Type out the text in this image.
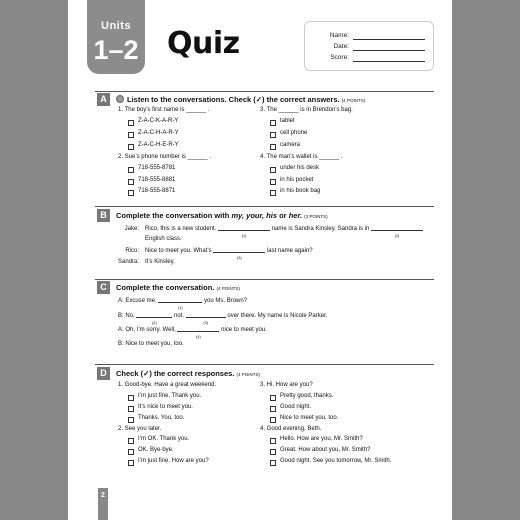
Units
1–2 Quiz	Name:
Date:
Score:
A	Listen to the conversations. Check (✓) the correct answers. (4 POINTS)
1. The boy’s first name is ______ .
Z-A-C-K-A-R-Y
Z-A-C-H-A-R-Y
Z-A-C-H-E-R-Y
2. Sue’s phone number is ______ .
718-555-8781
718-555-8881
718-555-8871
3. The ______ is in Brendon’s bag.
tablet
cell phone
camera
4. The man’s wallet is ______ .
under his desk
in his pocket
in his book bag
B	Complete the conversation with my, your, his or her. (3 POINTS)
Jake: Rico, this is a new student.
(1)
name is Sandra Kinsley. Sandra is in
(2)
English class.
Rico: Nice to meet you. What’s
(3)
last name again?
Sandra: It’s Kinsley.
C	Complete the conversation. (4 POINTS)
A: Excuse me.
(1)
you Ms. Brown?
B: No,
(2)
not.
(3)
over there. My name is Nicole Parker.
A: Oh, I’m sorry. Well,
(4)
nice to meet you.
B: Nice to meet you, too.
D	Check (✓) the correct responses. (4 POINTS)
1. Good-bye. Have a great weekend.
I’m just fine. Thank you.
It’s nice to meet you.
Thanks. You, too.
2. See you later.
I’m OK. Thank you.
OK. Bye-bye.
I’m just fine. How are you?
3. Hi. How are you?
Pretty good, thanks.
Good night.
Nice to meet you, too.
4. Good evening, Beth.
Hello. How are you, Mr. Smith?
Great. How about you, Mr. Smith?
Good night. See you tomorrow, Mr. Smith.
2
